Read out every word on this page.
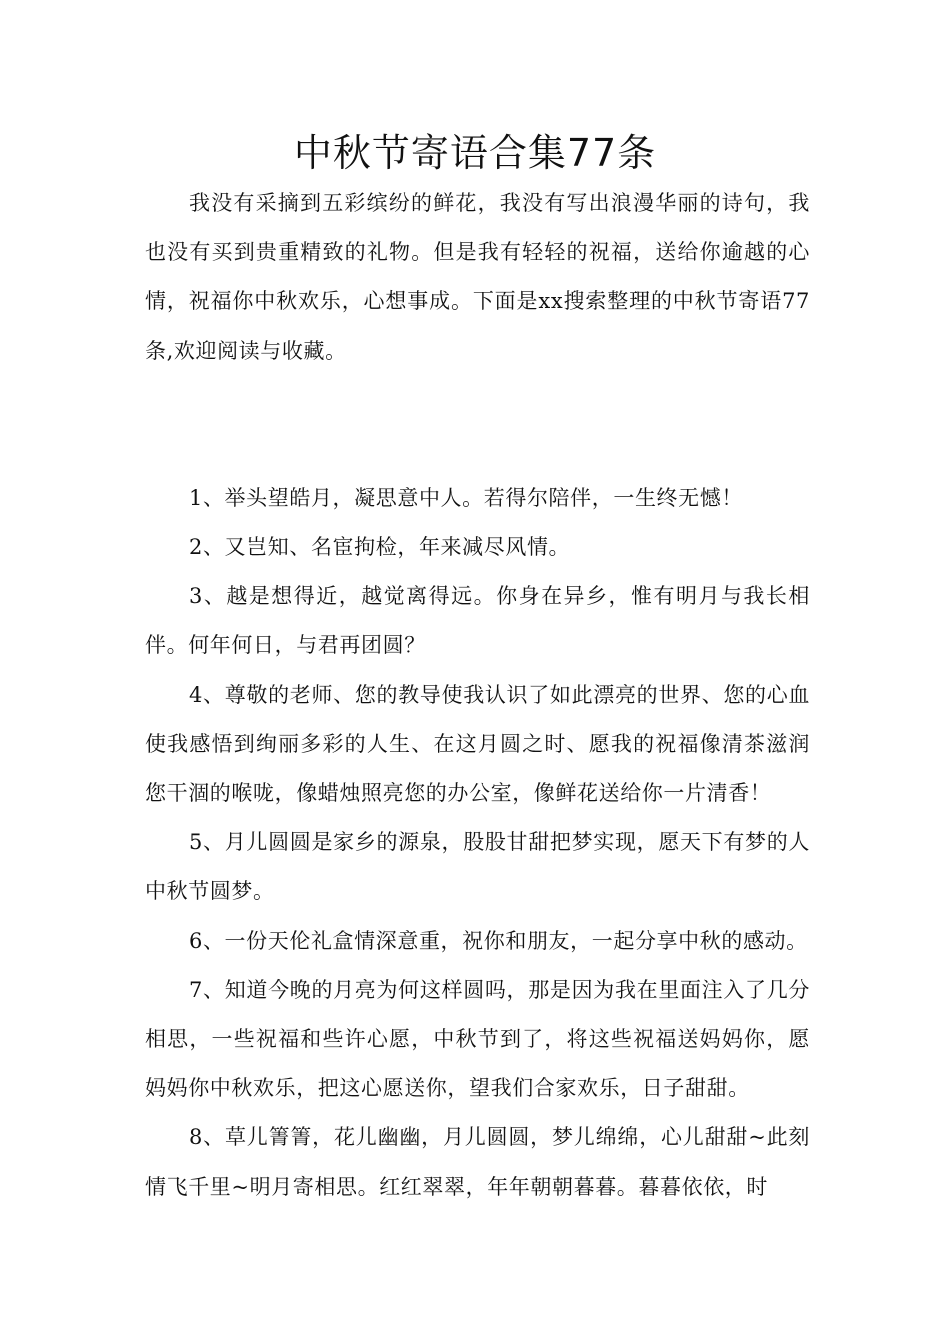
中秋节寄语合集77条

我没有采摘到五彩缤纷的鲜花，我没有写出浪漫华丽的诗句，我也没有买到贵重精致的礼物。但是我有轻轻的祝福，送给你逾越的心情，祝福你中秋欢乐，心想事成。下面是xx搜索整理的中秋节寄语77条,欢迎阅读与收藏。

1、举头望皓月，凝思意中人。若得尔陪伴，一生终无憾！

2、又岂知、名宦拘检，年来减尽风情。

3、越是想得近，越觉离得远。你身在异乡，惟有明月与我长相伴。何年何日，与君再团圆？

4、尊敬的老师、您的教导使我认识了如此漂亮的世界、您的心血使我感悟到绚丽多彩的人生、在这月圆之时、愿我的祝福像清茶滋润您干涸的喉咙，像蜡烛照亮您的办公室，像鲜花送给你一片清香！

5、月儿圆圆是家乡的源泉，股股甘甜把梦实现，愿天下有梦的人中秋节圆梦。

6、一份天伦礼盒情深意重，祝你和朋友，一起分享中秋的感动。

7、知道今晚的月亮为何这样圆吗，那是因为我在里面注入了几分相思，一些祝福和些许心愿，中秋节到了，将这些祝福送妈妈你，愿妈妈你中秋欢乐，把这心愿送你，望我们合家欢乐，日子甜甜。

8、草儿箐箐，花儿幽幽，月儿圆圆，梦儿绵绵，心儿甜甜~此刻情飞千里~明月寄相思。红红翠翠，年年朝朝暮暮。暮暮依依，时
